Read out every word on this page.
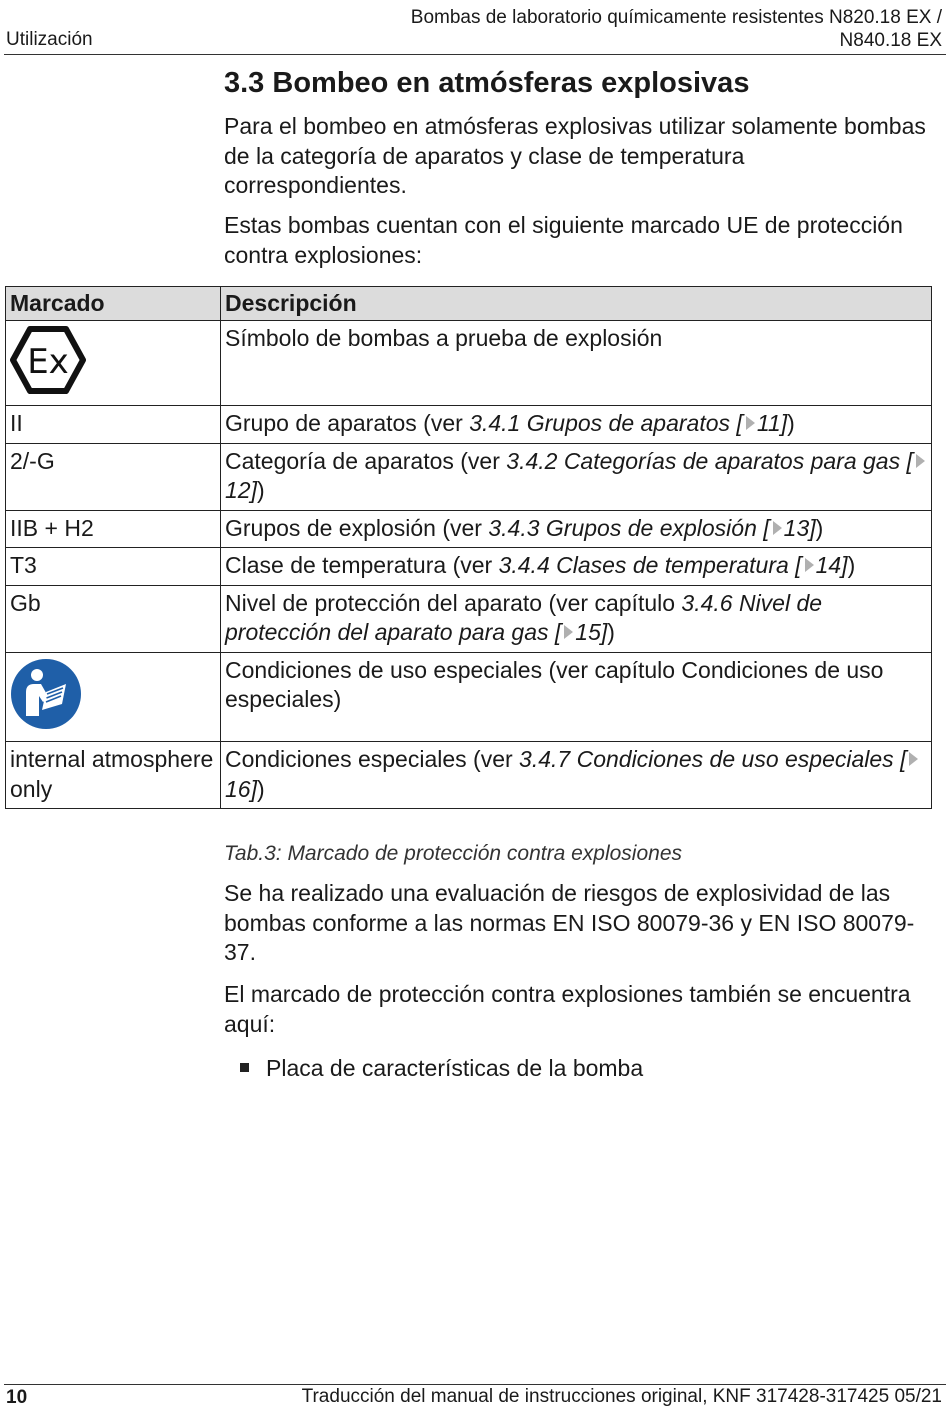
Utilización
Bombas de laboratorio químicamente resistentes N820.18 EX /
N840.18 EX
3.3 Bombeo en atmósferas explosivas

Para el bombeo en atmósferas explosivas utilizar solamente bombas de la categoría de aparatos y clase de temperatura correspondientes.

Estas bombas cuentan con el siguiente marcado UE de protección contra explosiones:

Marcado	Descripción

Ex	Símbolo de bombas a prueba de explosión
II	Grupo de aparatos (ver 3.4.1 Grupos de aparatos [ 11])
2/-G	Categoría de aparatos (ver 3.4.2 Categorías de aparatos para gas [12])
IIB + H2	Grupos de explosión (ver 3.4.3 Grupos de explosión [ 13])
T3	Clase de temperatura (ver 3.4.4 Clases de temperatura [ 14])
Gb	Nivel de protección del aparato (ver capítulo 3.4.6 Nivel de protección del aparato para gas [ 15])
	Condiciones de uso especiales (ver capítulo Condiciones de uso especiales)
internal atmosphere only	Condiciones especiales (ver 3.4.7 Condiciones de uso especiales [16])
Tab.3: Marcado de protección contra explosiones

Se ha realizado una evaluación de riesgos de explosividad de las bombas conforme a las normas EN ISO 80079-36 y EN ISO 80079-37.

El marcado de protección contra explosiones también se encuentra aquí:

Placa de características de la bomba
10	Traducción del manual de instrucciones original, KNF 317428-317425 05/21
